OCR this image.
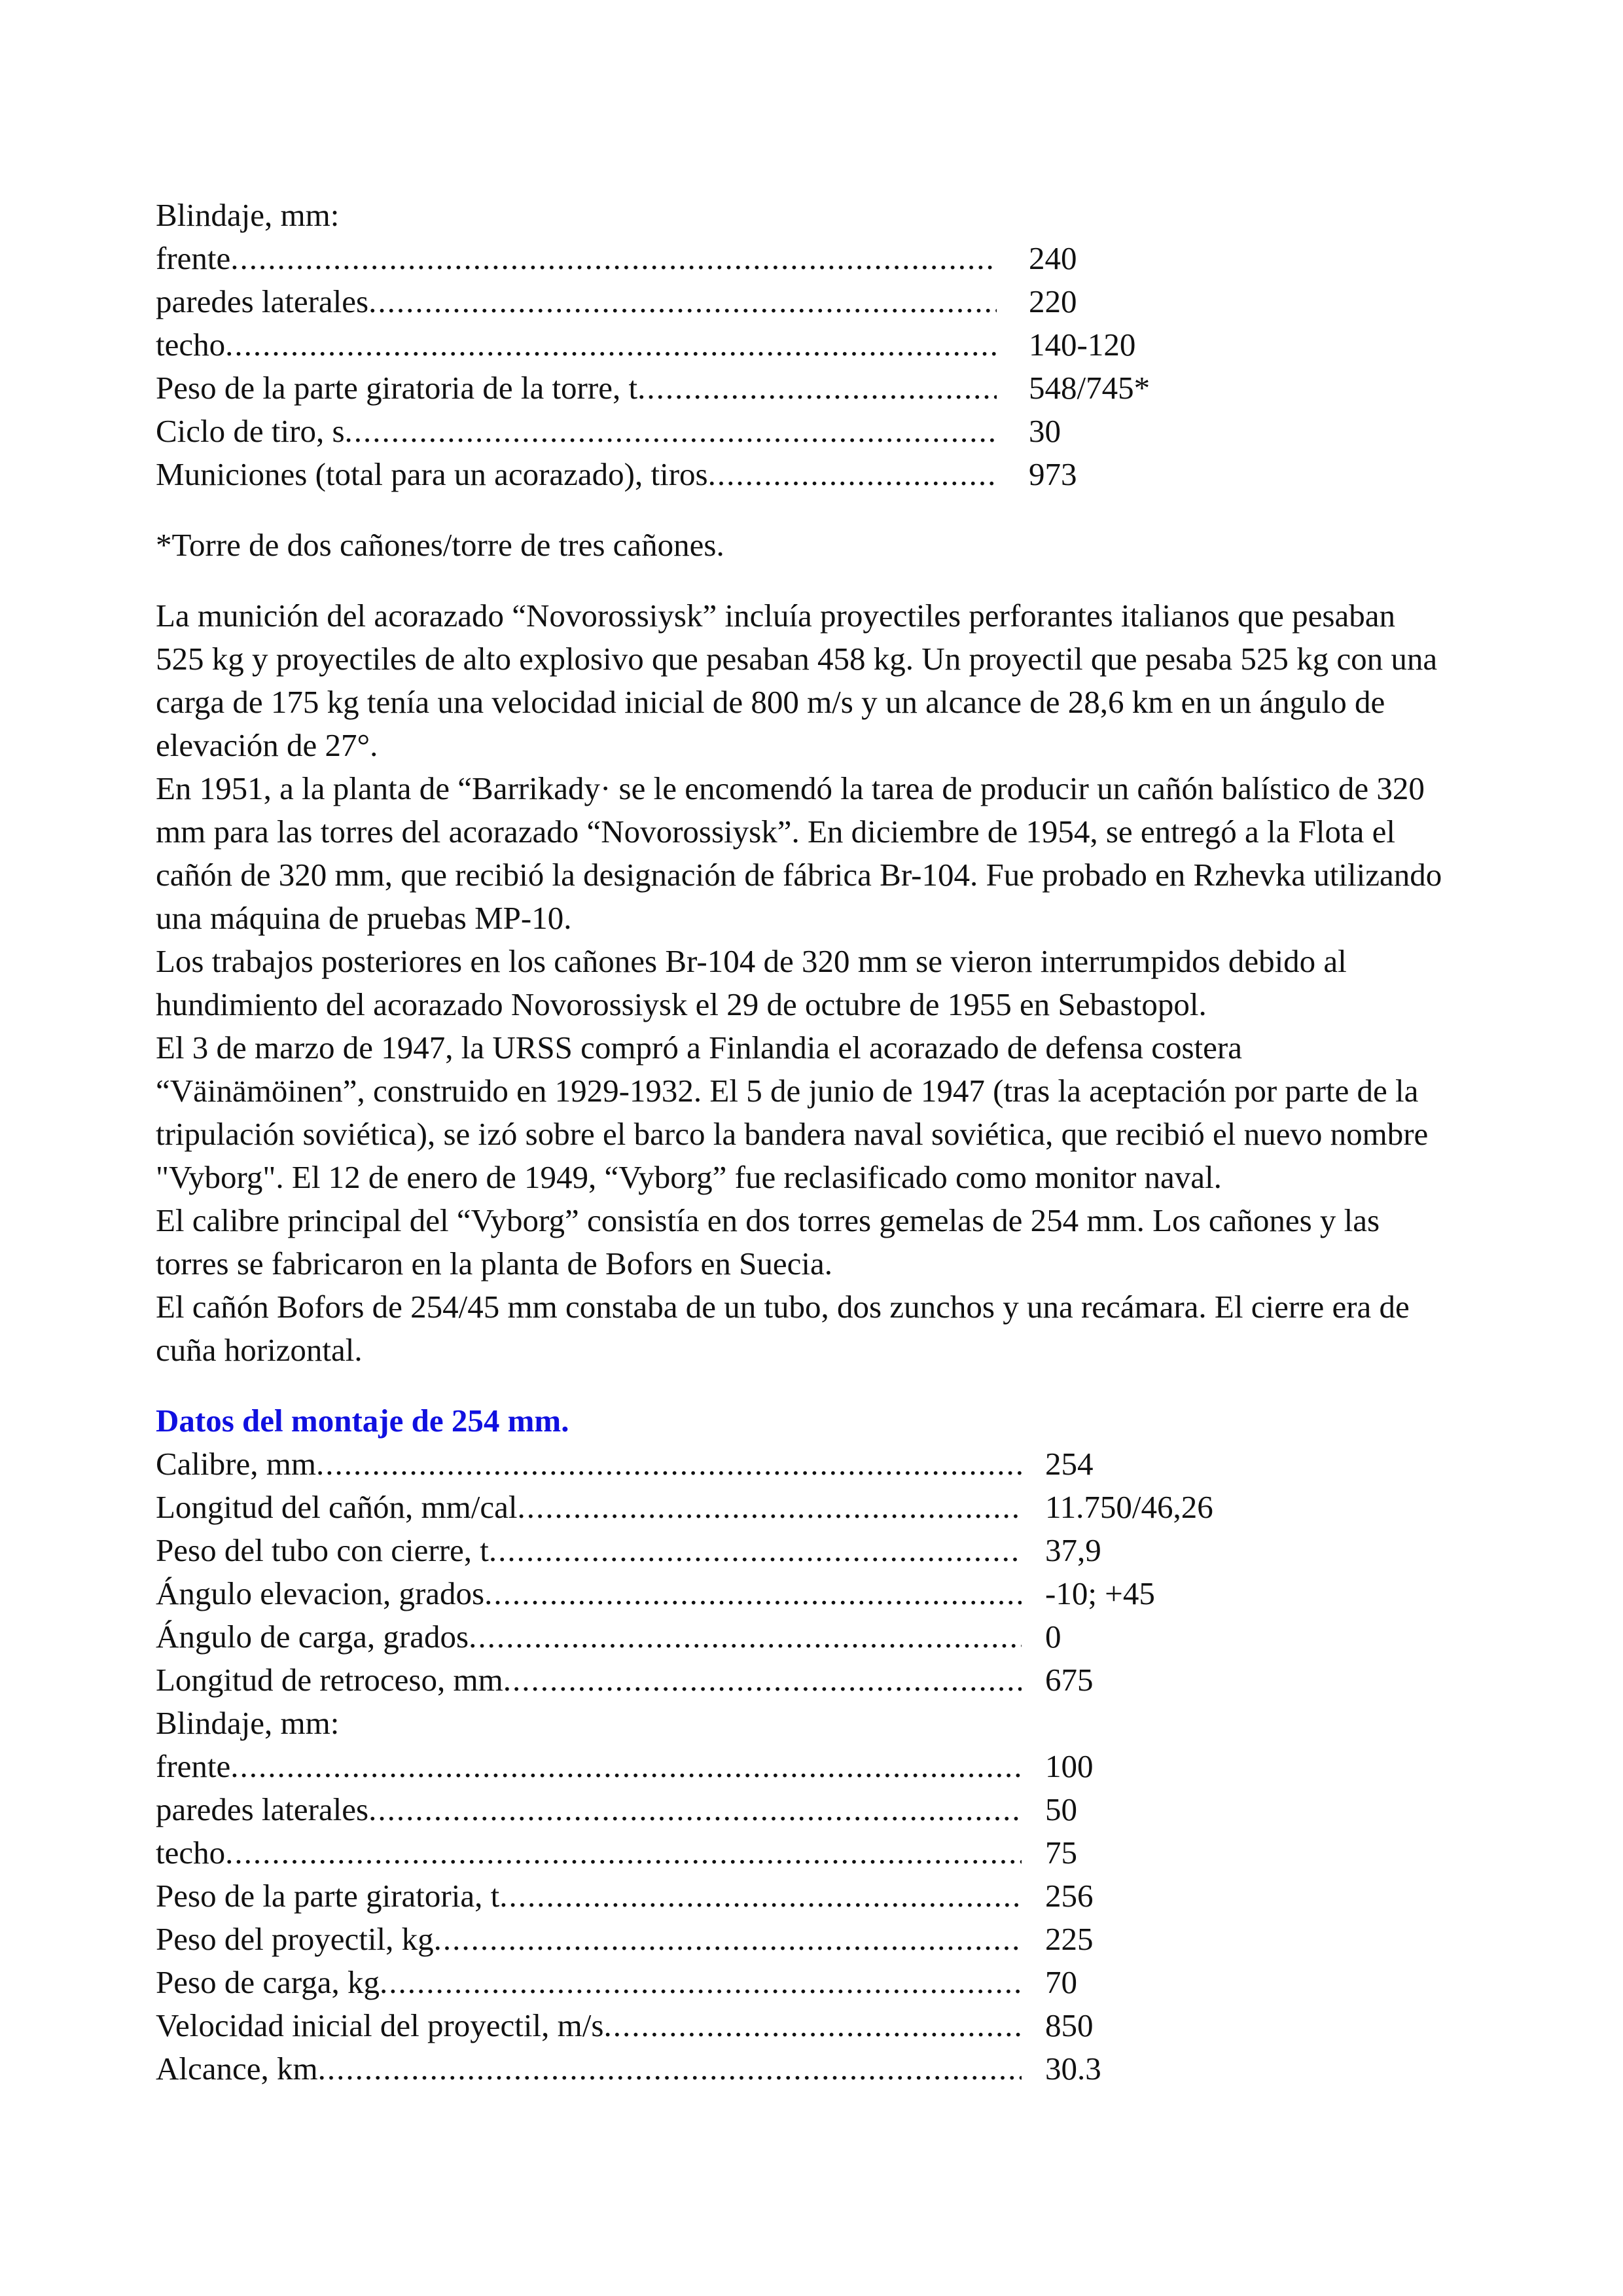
Blindaje, mm:
frente .....	240
paredes laterales .....	220
techo .....	140-120
Peso de la parte giratoria de la torre, t .....	548/745*
Ciclo de tiro, s .....	30
Municiones (total para un acorazado), tiros .....	973
*Torre de dos cañones/torre de tres cañones.
La munición del acorazado “Novorossiysk” incluía proyectiles perforantes italianos que pesaban
525 kg y proyectiles de alto explosivo que pesaban 458 kg. Un proyectil que pesaba 525 kg con una
carga de 175 kg tenía una velocidad inicial de 800 m/s y un alcance de 28,6 km en un ángulo de
elevación de 27°.
En 1951, a la planta de “Barrikady· se le encomendó la tarea de producir un cañón balístico de 320
mm para las torres del acorazado “Novorossiysk”. En diciembre de 1954, se entregó a la Flota el
cañón de 320 mm, que recibió la designación de fábrica Br-104. Fue probado en Rzhevka utilizando
una máquina de pruebas MP-10.
Los trabajos posteriores en los cañones Br-104 de 320 mm se vieron interrumpidos debido al
hundimiento del acorazado Novorossiysk el 29 de octubre de 1955 en Sebastopol.
El 3 de marzo de 1947, la URSS compró a Finlandia el acorazado de defensa costera
“Väinämöinen”, construido en 1929-1932. El 5 de junio de 1947 (tras la aceptación por parte de la
tripulación soviética), se izó sobre el barco la bandera naval soviética, que recibió el nuevo nombre
"Vyborg". El 12 de enero de 1949, “Vyborg” fue reclasificado como monitor naval.
El calibre principal del “Vyborg” consistía en dos torres gemelas de 254 mm. Los cañones y las
torres se fabricaron en la planta de Bofors en Suecia.
El cañón Bofors de 254/45 mm constaba de un tubo, dos zunchos y una recámara. El cierre era de
cuña horizontal.
Datos del montaje de 254 mm.
Calibre, mm .....	254
Longitud del cañón, mm/cal .....	11.750/46,26
Peso del tubo con cierre, t .....	37,9
Ángulo elevacion, grados .....	-10; +45
Ángulo de carga, grados .....	0
Longitud de retroceso, mm .....	675
Blindaje, mm:
frente .....	100
paredes laterales .....	50
techo .....	75
Peso de la parte giratoria, t .....	256
Peso del proyectil, kg .....	225
Peso de carga, kg .....	70
Velocidad inicial del proyectil, m/s .....	850
Alcance, km .....	30.3
